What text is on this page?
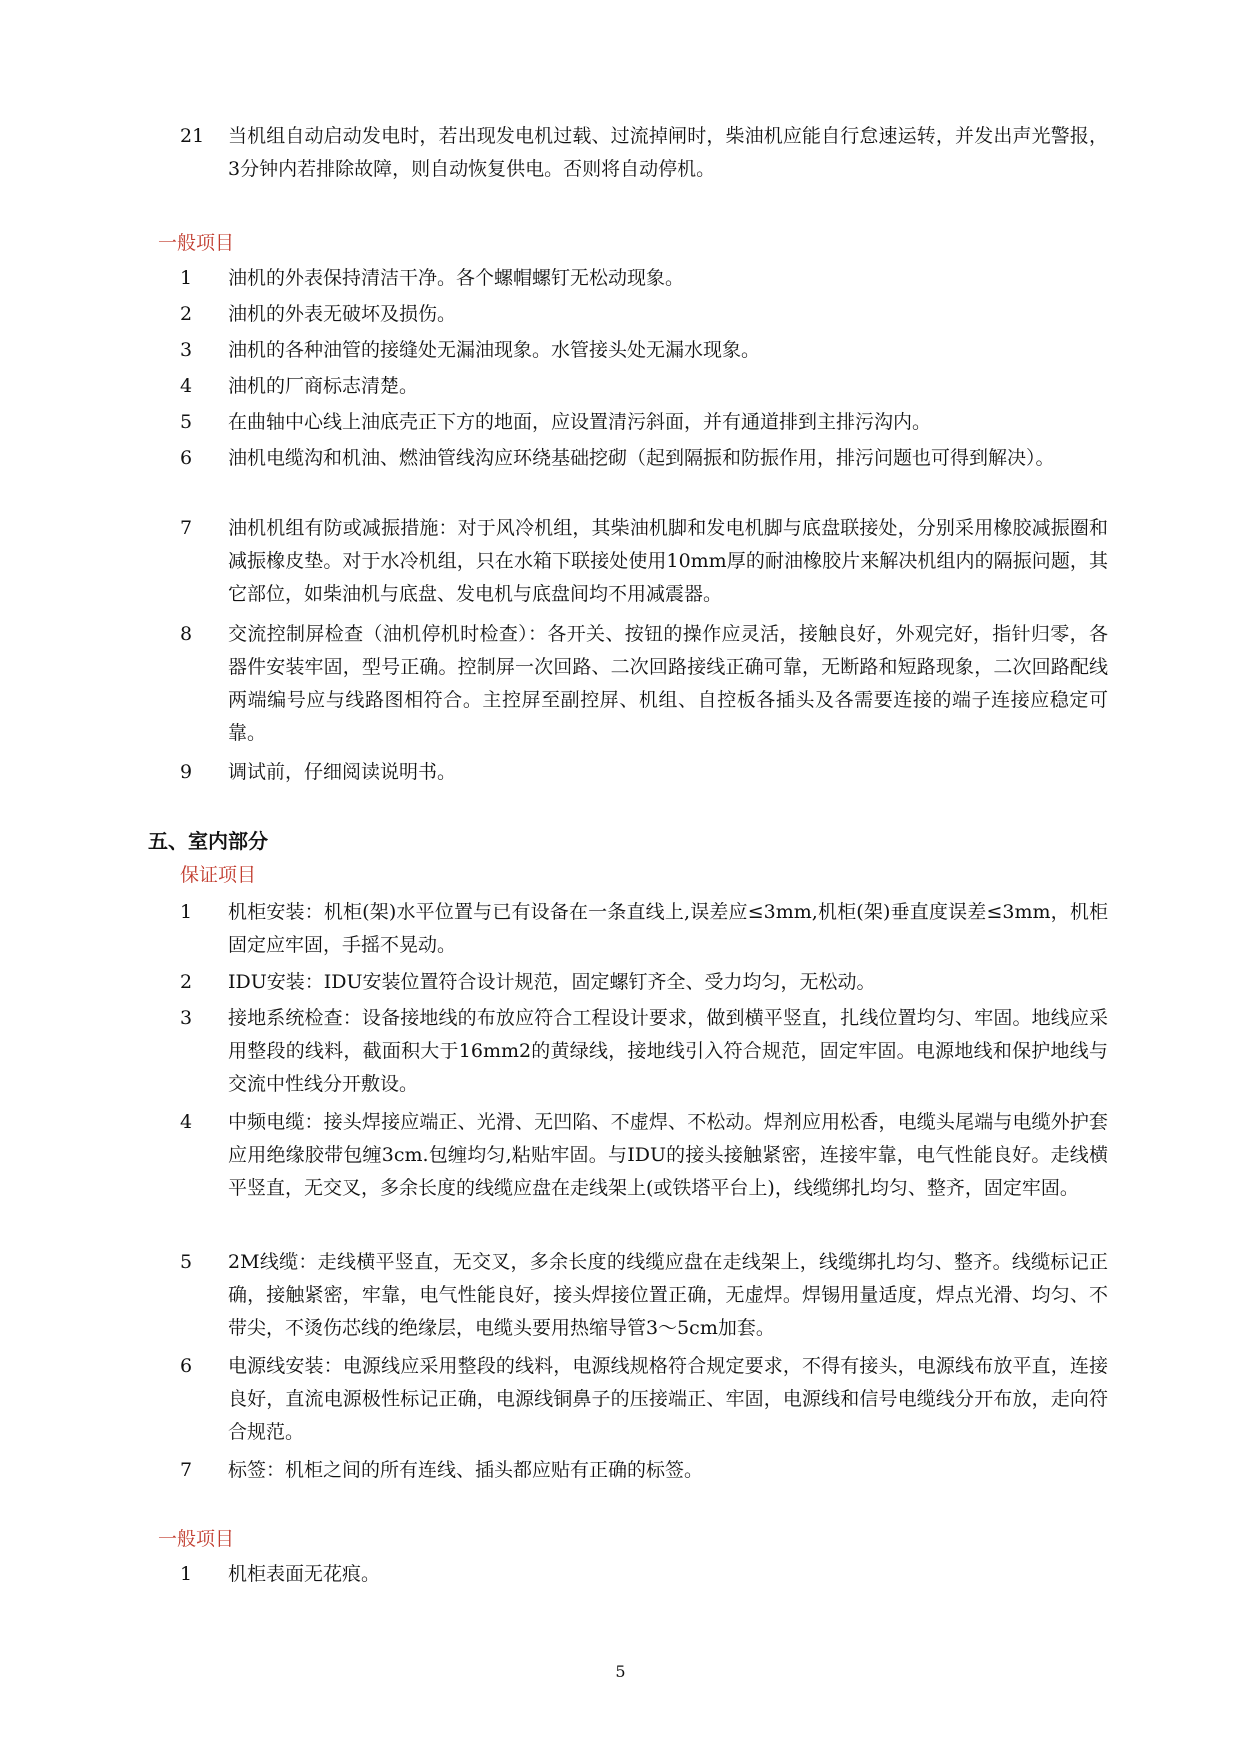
21	当机组自动启动发电时，若出现发电机过载、过流掉闸时，柴油机应能自行怠速运转，并发出声光警报，3分钟内若排除故障，则自动恢复供电。否则将自动停机。
一般项目
1	油机的外表保持清洁干净。各个螺帽螺钉无松动现象。
2	油机的外表无破坏及损伤。
3	油机的各种油管的接缝处无漏油现象。水管接头处无漏水现象。
4	油机的厂商标志清楚。
5	在曲轴中心线上油底壳正下方的地面，应设置清污斜面，并有通道排到主排污沟内。
6	油机电缆沟和机油、燃油管线沟应环绕基础挖砌（起到隔振和防振作用，排污问题也可得到解决）。
7	油机机组有防或减振措施：对于风冷机组，其柴油机脚和发电机脚与底盘联接处，分别采用橡胶减振圈和减振橡皮垫。对于水冷机组，只在水箱下联接处使用10mm厚的耐油橡胶片来解决机组内的隔振问题，其它部位，如柴油机与底盘、发电机与底盘间均不用减震器。
8	交流控制屏检查（油机停机时检查）：各开关、按钮的操作应灵活，接触良好，外观完好，指针归零，各器件安装牢固，型号正确。控制屏一次回路、二次回路接线正确可靠，无断路和短路现象，二次回路配线两端编号应与线路图相符合。主控屏至副控屏、机组、自控板各插头及各需要连接的端子连接应稳定可靠。
9	调试前，仔细阅读说明书。
五、室内部分
保证项目
1	机柜安装：机柜(架)水平位置与已有设备在一条直线上,误差应≤3mm,机柜(架)垂直度误差≤3mm，机柜固定应牢固，手摇不晃动。
2	IDU安装：IDU安装位置符合设计规范，固定螺钉齐全、受力均匀，无松动。
3	接地系统检查：设备接地线的布放应符合工程设计要求，做到横平竖直，扎线位置均匀、牢固。地线应采用整段的线料，截面积大于16mm2的黄绿线，接地线引入符合规范，固定牢固。电源地线和保护地线与交流中性线分开敷设。
4	中频电缆：接头焊接应端正、光滑、无凹陷、不虚焊、不松动。焊剂应用松香，电缆头尾端与电缆外护套应用绝缘胶带包缠3cm.包缠均匀,粘贴牢固。与IDU的接头接触紧密，连接牢靠，电气性能良好。走线横平竖直，无交叉，多余长度的线缆应盘在走线架上(或铁塔平台上)，线缆绑扎均匀、整齐，固定牢固。
5	2M线缆：走线横平竖直，无交叉，多余长度的线缆应盘在走线架上，线缆绑扎均匀、整齐。线缆标记正确，接触紧密，牢靠，电气性能良好，接头焊接位置正确，无虚焊。焊锡用量适度，焊点光滑、均匀、不带尖，不烫伤芯线的绝缘层，电缆头要用热缩导管3～5cm加套。
6	电源线安装：电源线应采用整段的线料，电源线规格符合规定要求，不得有接头，电源线布放平直，连接良好，直流电源极性标记正确，电源线铜鼻子的压接端正、牢固，电源线和信号电缆线分开布放，走向符合规范。
7	标签：机柜之间的所有连线、插头都应贴有正确的标签。
一般项目
1	机柜表面无花痕。
5
